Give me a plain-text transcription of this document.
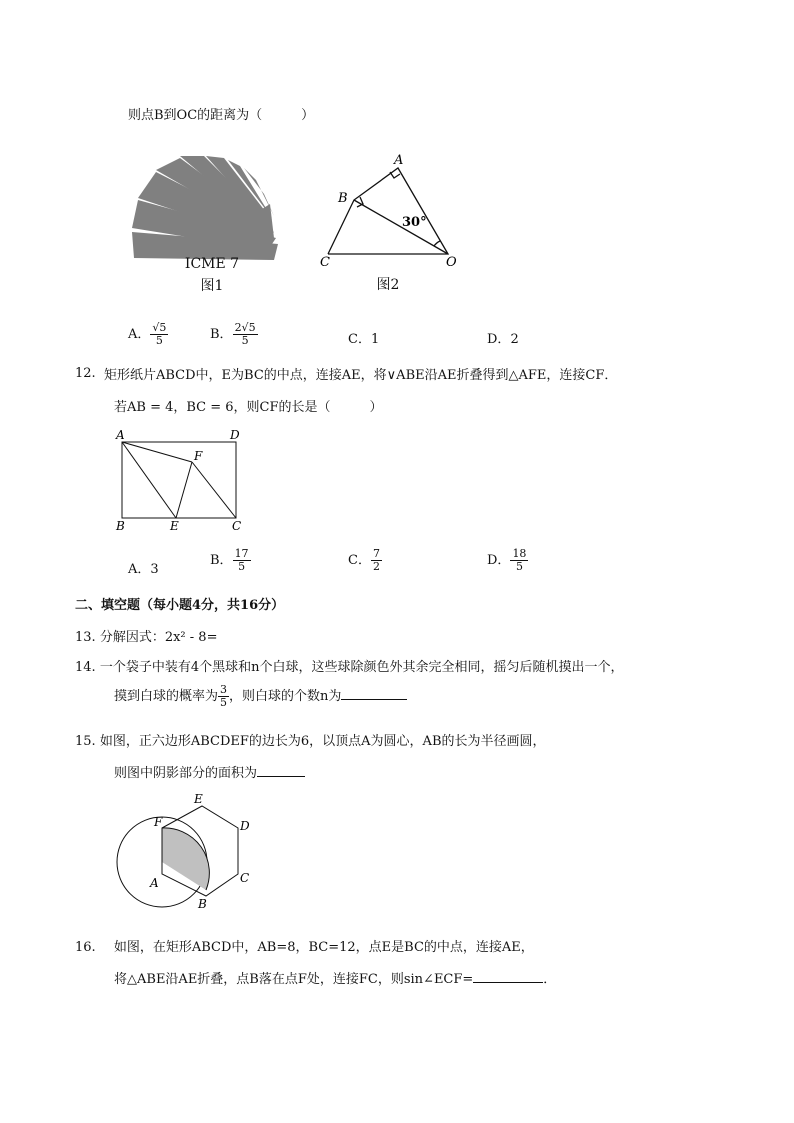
则点B到OC的距离为（　　　）
ICME 7
图1
A
B
C	O
30°
图2
A． $\frac{√5}{5}$	B． $\frac{2√5}{5}$	C．1	D．2
12. 矩形纸片ABCD中，E为BC的中点，连接AE，将∨ABE沿AE折叠得到△AFE，连接CF．
若AB = 4，BC = 6，则CF的长是（　　　）
A	D
F
B	E	C
A．3
B． $\frac{17}{5}$	C． $\frac{7}{2}$	D． $\frac{18}{5}$
二、填空题（每小题4分，共16分）
13. 分解因式：2x² - 8=
14. 一个袋子中装有4个黑球和n个白球，这些球除颜色外其余完全相同，摇匀后随机摸出一个，
摸到白球的概率为 $\frac{3}{5}$ ，则白球的个数n为
15. 如图，正六边形ABCDEF的边长为6，以顶点A为圆心，AB的长为半径画圆，
则图中阴影部分的面积为
E
D
F
A	C
B
16. 如图，在矩形ABCD中，AB=8，BC=12，点E是BC的中点，连接AE，
将△ABE沿AE折叠，点B落在点F处，连接FC，则sin∠ECF=	．
